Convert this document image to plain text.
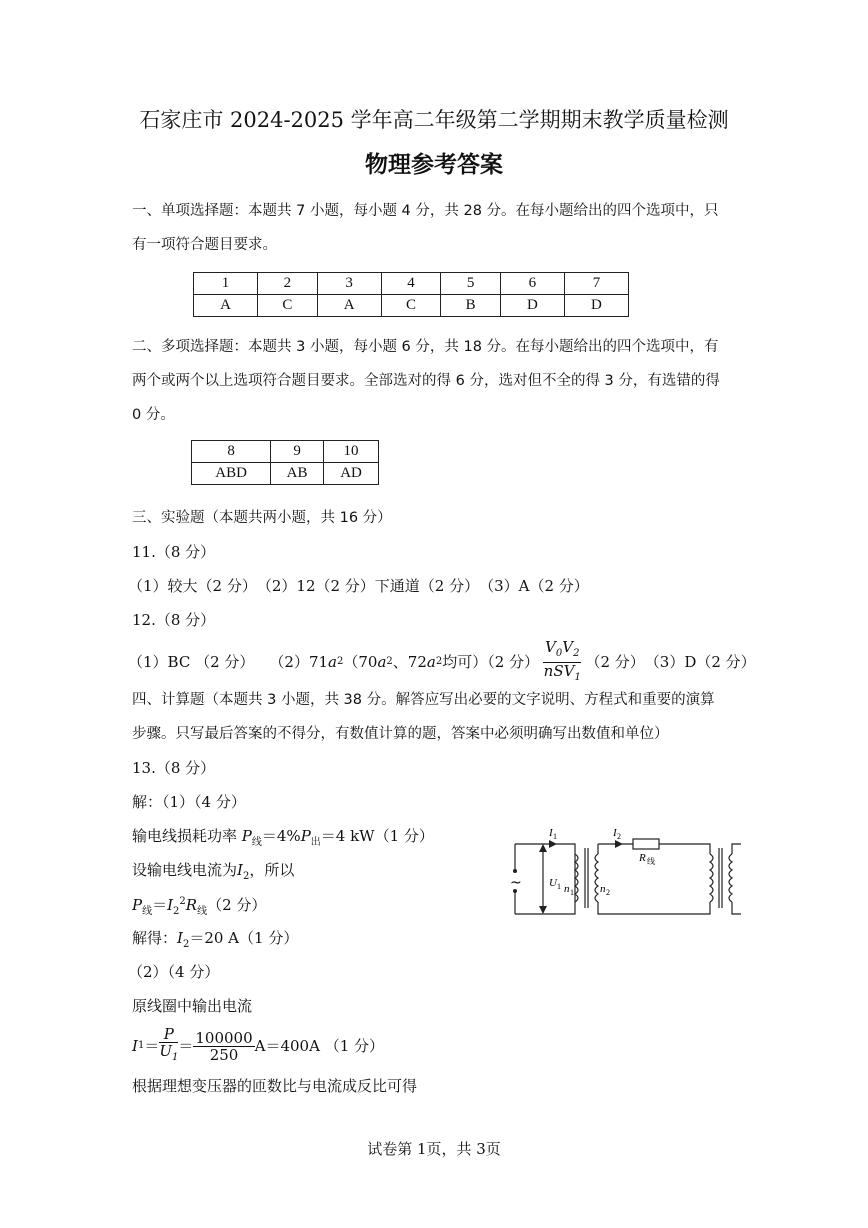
石家庄市 2024-2025 学年高二年级第二学期期末教学质量检测
物理参考答案
一、单项选择题：本题共 7 小题，每小题 4 分，共 28 分。在每小题给出的四个选项中，只
有一项符合题目要求。
1	2	3	4	5	6	7
A	C	A	C	B	D	D
二、多项选择题：本题共 3 小题，每小题 6 分，共 18 分。在每小题给出的四个选项中，有
两个或两个以上选项符合题目要求。全部选对的得 6 分，选对但不全的得 3 分，有选错的得
0 分。
8	9	10
ABD	AB	AD
三、实验题（本题共两小题，共 16 分）
11.（8 分）
（1）较大（2 分）　（2）12（2 分）下通道（2 分）　（3）A（2 分）
12.（8 分）
（1）BC （2 分）　　（2）71 a 2 （70 a 2 、72 a 2 均可）（2 分） $\frac{V_0V_2}{nSV_1} (2$ 分）　（3）D（2 分）
四、计算题（本题共 3 小题，共 38 分。解答应写出必要的文字说明、方程式和重要的演算
步骤。只写最后答案的不得分，有数值计算的题，答案中必须明确写出数值和单位）
13.（8 分）
解：（1）（4 分）
输电线损耗功率 $P_线=4\%P_出=4$ kW（1 分）
设输电线电流为$I_2$，所以
$P_线=I_2^2R_线(2$ 分）
解得：$I_2=20$ A（1 分）
（2）（4 分）
原线圈中输出电流
I $1 = \frac{P}{U_1} = \frac{100000}{250} A=400A$ （1 分）
根据理想变压器的匝数比与电流成反比可得
~
I 1	I 2
R 线
U 1 n 1 n 2
试卷第 1页，共 3页
